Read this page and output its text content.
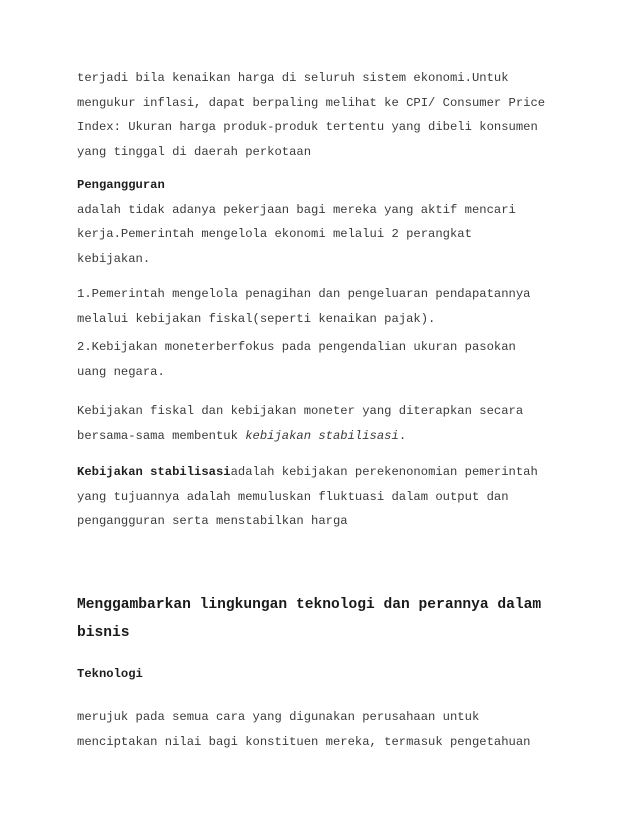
terjadi bila kenaikan harga di seluruh sistem ekonomi.Untuk
mengukur inflasi, dapat berpaling melihat ke CPI/ Consumer Price
Index: Ukuran harga produk-produk tertentu yang dibeli konsumen
yang tinggal di daerah perkotaan
Pengangguran
adalah tidak adanya pekerjaan bagi mereka yang aktif mencari
kerja.Pemerintah mengelola ekonomi melalui 2 perangkat
kebijakan.
1.Pemerintah mengelola penagihan dan pengeluaran pendapatannya
melalui kebijakan fiskal(seperti kenaikan pajak).
2.Kebijakan moneterberfokus pada pengendalian ukuran pasokan
uang negara.
Kebijakan fiskal dan kebijakan moneter yang diterapkan secara
bersama-sama membentuk kebijakan stabilisasi.
Kebijakan stabilisasiadalah kebijakan perekenonomian pemerintah
yang tujuannya adalah memuluskan fluktuasi dalam output dan
pengangguran serta menstabilkan harga
Menggambarkan lingkungan teknologi dan perannya dalam
bisnis
Teknologi
merujuk pada semua cara yang digunakan perusahaan untuk
menciptakan nilai bagi konstituen mereka, termasuk pengetahuan
